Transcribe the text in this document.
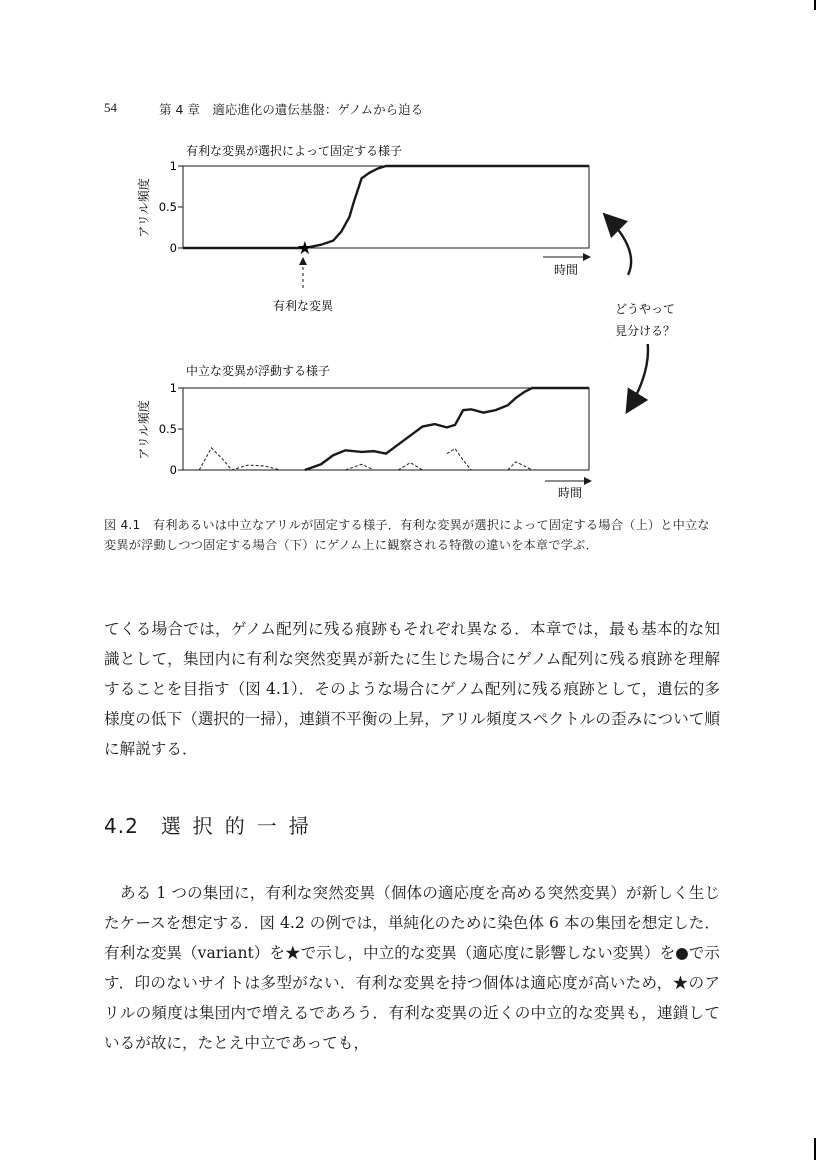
54	第 4 章　適応進化の遺伝基盤：ゲノムから迫る
有利な変異が選択によって固定する様子
アリル頻度
1
0.5
0	★
有利な変異
時間
中立な変異が浮動する様子
アリル頻度
1
0.5
0
時間
どうやって
見分ける？
図 4.1　 有利あるいは中立なアリルが固定する様子．有利な変異が選択によって固定する場合（上）と中立な変異が浮動しつつ固定する場合（下）にゲノム上に観察される特徴の違いを本章で学ぶ．

てくる場合では，ゲノム配列に残る痕跡もそれぞれ異なる．本章では，最も基本的な知識として，集団内に有利な突然変異が新たに生じた場合にゲノム配列に残る痕跡を理解することを目指す（図 4.1）．そのような場合にゲノム配列に残る痕跡として，遺伝的多様度の低下（選択的一掃），連鎖不平衡の上昇，アリル頻度スペクトルの歪みについて順に解説する．

4.2 選択的一掃

ある 1 つの集団に，有利な突然変異（個体の適応度を高める突然変異）が新しく生じたケースを想定する．図 4.2 の例では，単純化のために染色体 6 本の集団を想定した．有利な変異（variant）を★で示し，中立的な変異（適応度に影響しない変異）を●で示す．印のないサイトは多型がない．有利な変異を持つ個体は適応度が高いため，★のアリルの頻度は集団内で増えるであろう．有利な変異の近くの中立的な変異も，連鎖しているが故に，たとえ中立であっても，
